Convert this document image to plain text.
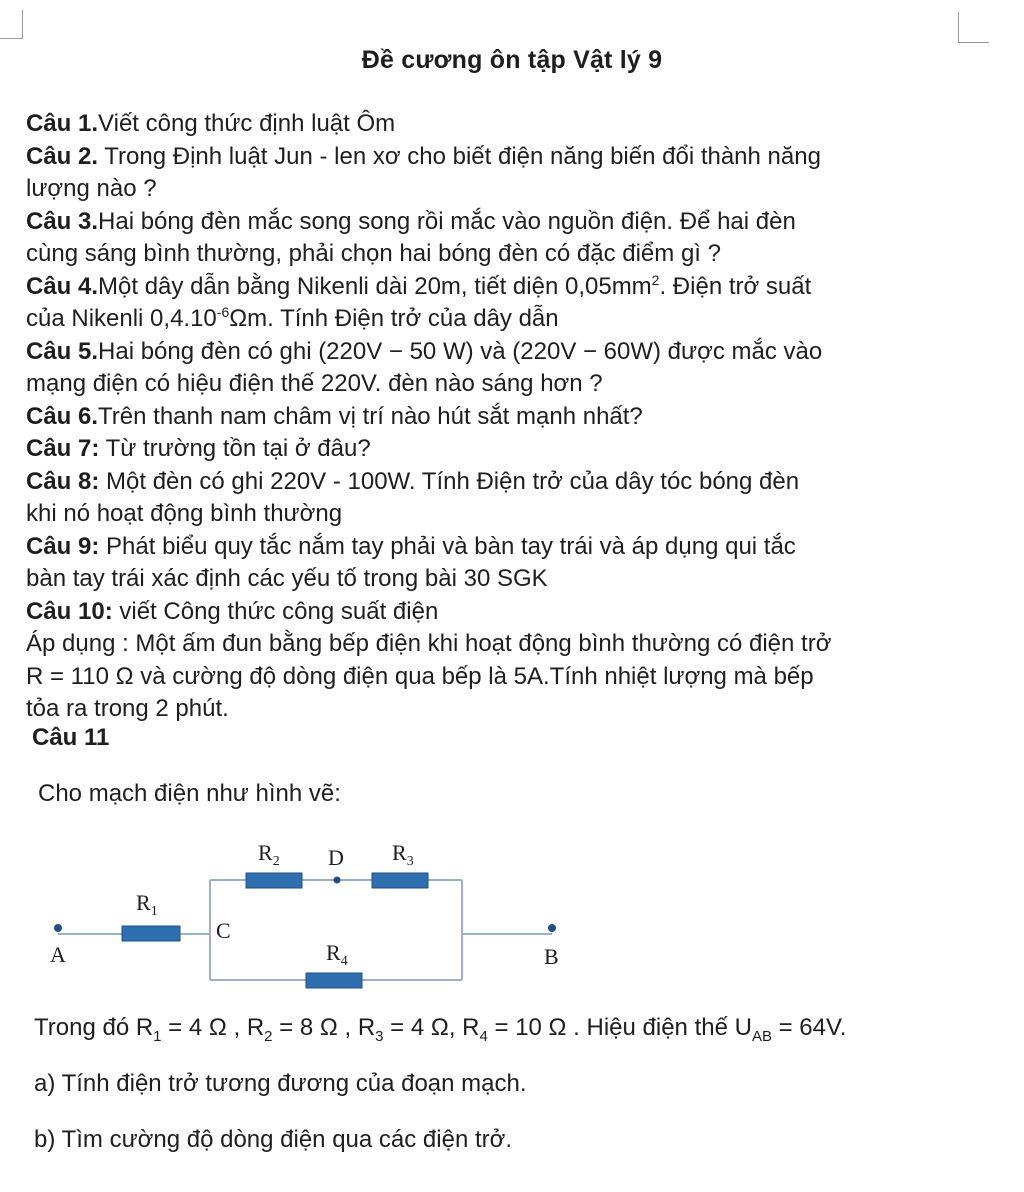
Đề cương ôn tập Vật lý 9
Câu 1.Viết công thức định luật Ôm
Câu 2. Trong Định luật Jun - len xơ cho biết điện năng biến đổi thành năng
lượng nào ?
Câu 3.Hai bóng đèn mắc song song rồi mắc vào nguồn điện. Để hai đèn
cùng sáng bình thường, phải chọn hai bóng đèn có đặc điểm gì ?
Câu 4.Một dây dẫn bằng Nikenli dài 20m, tiết diện $0,05mm^2$. Điện trở suất
của Nikenli $0,4.10^{-6}\Omega m$. Tính Điện trở của dây dẫn
Câu 5.Hai bóng đèn có ghi (220V − 50 W) và (220V − 60W) được mắc vào
mạng điện có hiệu điện thế 220V. đèn nào sáng hơn ?
Câu 6.Trên thanh nam châm vị trí nào hút sắt mạnh nhất?
Câu 7: Từ trường tồn tại ở đâu?
Câu 8: Một đèn có ghi 220V - 100W. Tính Điện trở của dây tóc bóng đèn
khi nó hoạt động bình thường
Câu 9: Phát biểu quy tắc nắm tay phải và bàn tay trái và áp dụng qui tắc
bàn tay trái xác định các yếu tố trong bài 30 SGK
Câu 10: viết Công thức công suất điện
Áp dụng : Một ấm đun bằng bếp điện khi hoạt động bình thường có điện trở
R = 110 Ω và cường độ dòng điện qua bếp là 5A.Tính nhiệt lượng mà bếp
tỏa ra trong 2 phút.
Câu 11
Cho mạch điện như hình vẽ:
$R_1$
$R_2$ D $R_3$
C
$R_4$
A	B
Trong đó $R_1 = 4$ Ω , $R_2 = 8$ Ω , $R_3 = 4$ Ω, $R_4 = 10$ Ω . Hiệu điện thế $U_{AB} = 64V$.
a) Tính điện trở tương đương của đoạn mạch.
b) Tìm cường độ dòng điện qua các điện trở.
